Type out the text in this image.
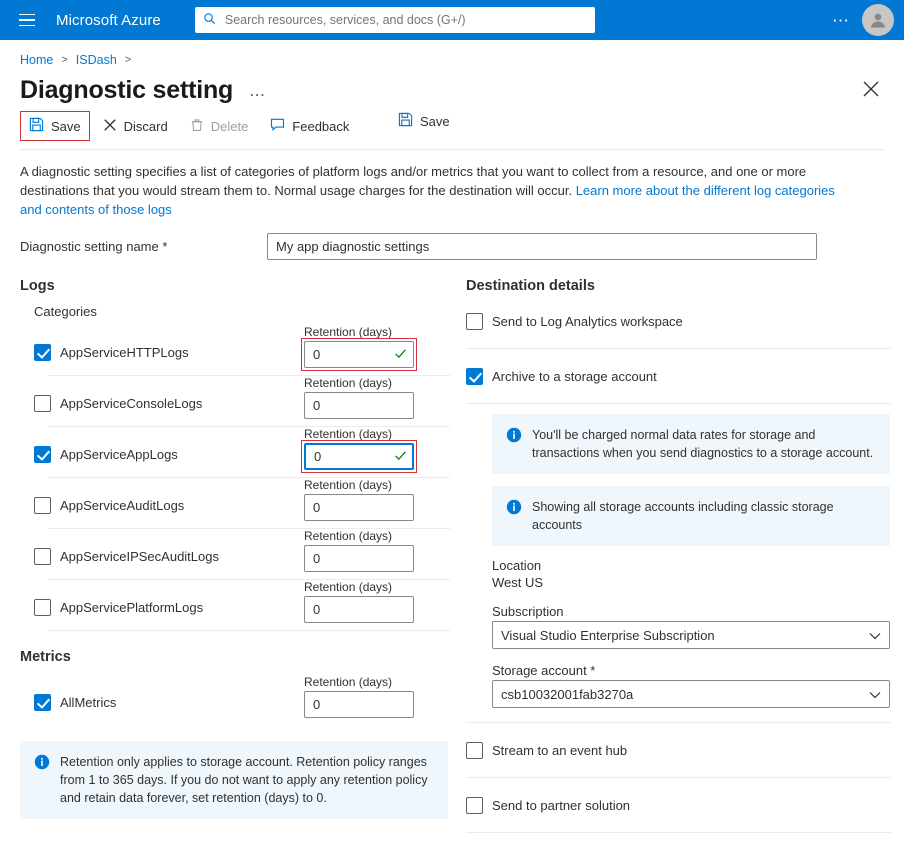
Microsoft Azure
Search resources, services, and docs (G+/)	⋯
Home > ISDash >
Diagnostic setting ⋯
Save	Discard	Delete	Feedback	Save
A diagnostic setting specifies a list of categories of platform logs and/or metrics that you want to collect from a resource, and one or more destinations that you would stream them to. Normal usage charges for the destination will occur. Learn more about the different log categories and contents of those logs
Diagnostic setting name *
My app diagnostic settings
Logs
Categories
AppServiceHTTPLogs
Retention (days)
0
AppServiceConsoleLogs
Retention (days)
0
AppServiceAppLogs
Retention (days)
0
AppServiceAuditLogs
Retention (days)
0
AppServiceIPSecAuditLogs
Retention (days)
0
AppServicePlatformLogs
Retention (days)
0
Metrics
AllMetrics
Retention (days)
0
Retention only applies to storage account. Retention policy ranges from 1 to 365 days. If you do not want to apply any retention policy and retain data forever, set retention (days) to 0.
Destination details
Send to Log Analytics workspace
Archive to a storage account
You'll be charged normal data rates for storage and transactions when you send diagnostics to a storage account.
Showing all storage accounts including classic storage accounts
Location
West US
Subscription
Visual Studio Enterprise Subscription
Storage account *
csb10032001fab3270a
Stream to an event hub
Send to partner solution
